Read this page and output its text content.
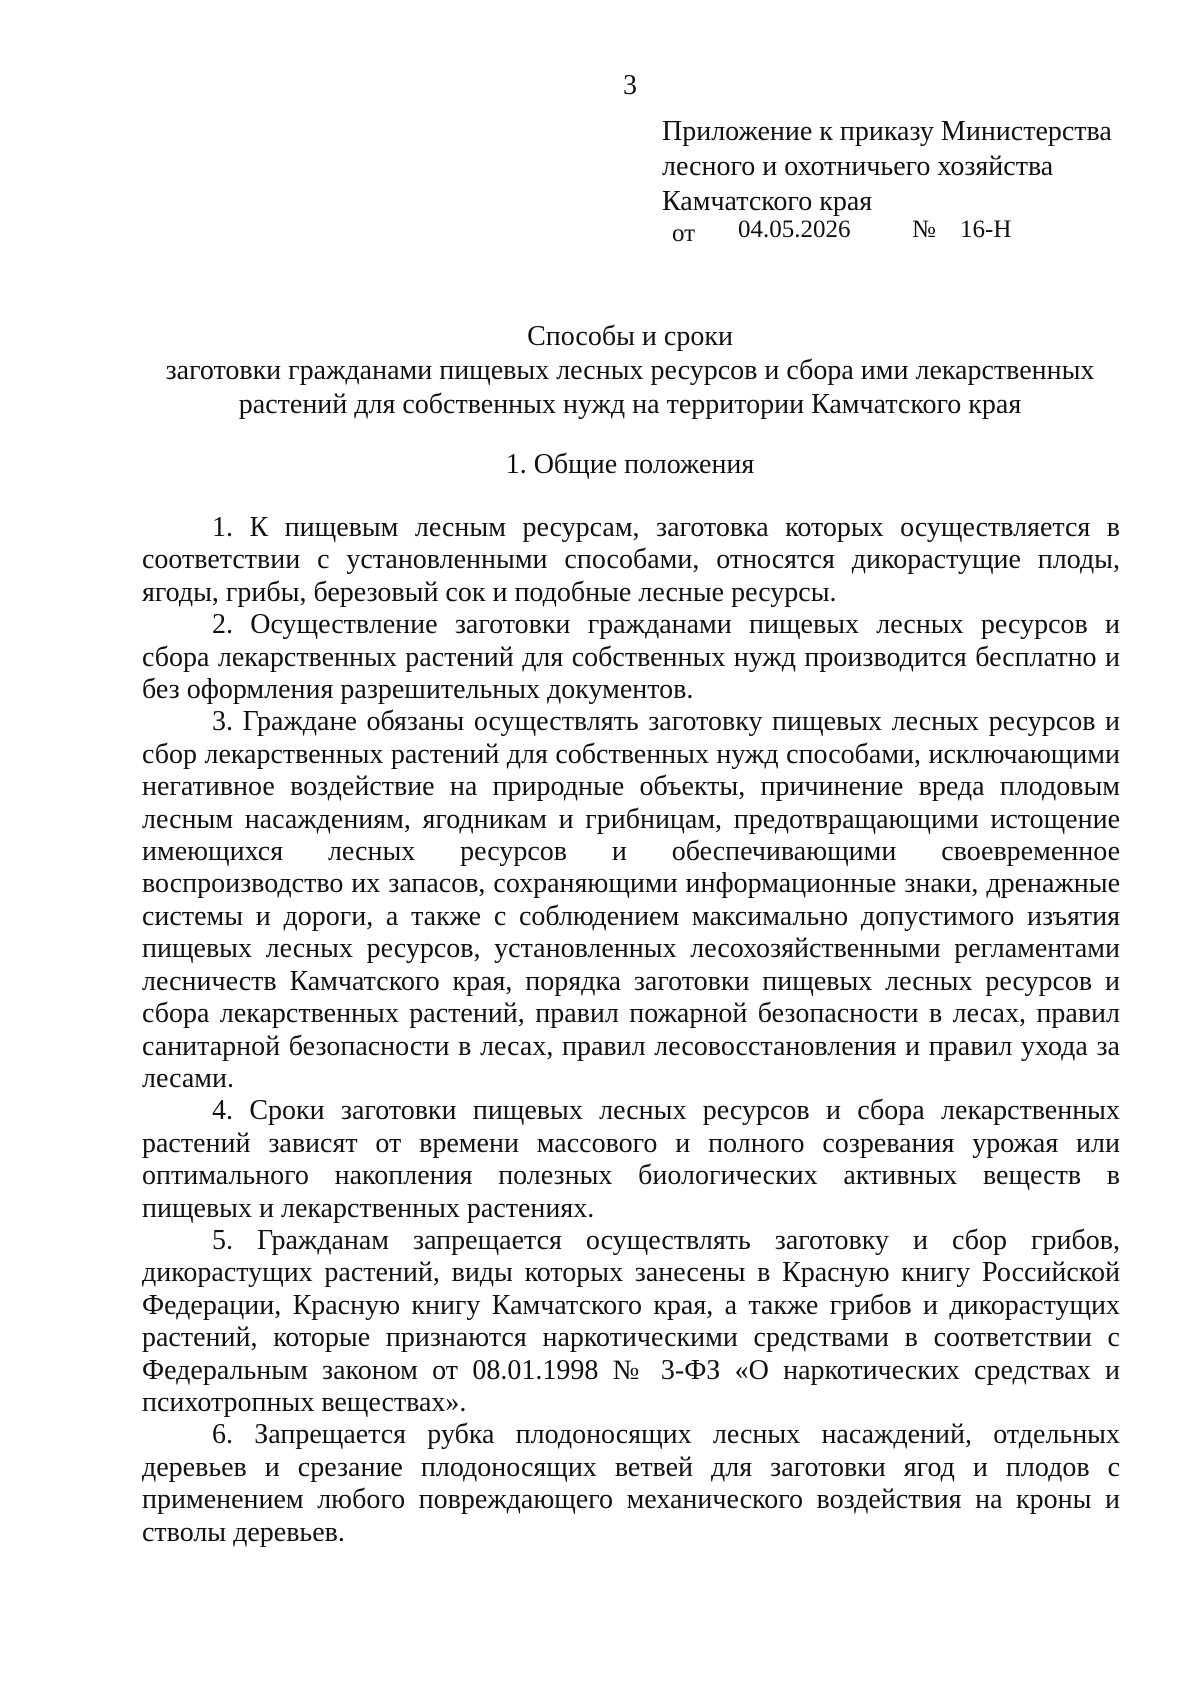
3
Приложение к приказу Министерства
лесного и охотничьего хозяйства
Камчатского края
от 04.05.2026 № 16-Н
Способы и сроки
заготовки гражданами пищевых лесных ресурсов и сбора ими лекарственных
растений для собственных нужд на территории Камчатского края
1. Общие положения

1. К пищевым лесным ресурсам, заготовка которых осуществляется в соответствии с установленными способами, относятся дикорастущие плоды, ягоды, грибы, березовый сок и подобные лесные ресурсы.

2. Осуществление заготовки гражданами пищевых лесных ресурсов и сбора лекарственных растений для собственных нужд производится бесплатно и без оформления разрешительных документов.

3. Граждане обязаны осуществлять заготовку пищевых лесных ресурсов и сбор лекарственных растений для собственных нужд способами, исключающими негативное воздействие на природные объекты, причинение вреда плодовым лесным насаждениям, ягодникам и грибницам, предотвращающими истощение имеющихся лесных ресурсов и обеспечивающими своевременное воспроизводство их запасов, сохраняющими информационные знаки, дренажные системы и дороги, а также с соблюдением максимально допустимого изъятия пищевых лесных ресурсов, установленных лесохозяйственными регламентами лесничеств Камчатского края, порядка заготовки пищевых лесных ресурсов и сбора лекарственных растений, правил пожарной безопасности в лесах, правил санитарной безопасности в лесах, правил лесовосстановления и правил ухода за лесами.

4. Сроки заготовки пищевых лесных ресурсов и сбора лекарственных растений зависят от времени массового и полного созревания урожая или оптимального накопления полезных биологических активных веществ в пищевых и лекарственных растениях.

5. Гражданам запрещается осуществлять заготовку и сбор грибов, дикорастущих растений, виды которых занесены в Красную книгу Российской Федерации, Красную книгу Камчатского края, а также грибов и дикорастущих растений, которые признаются наркотическими средствами в соответствии с Федеральным законом от 08.01.1998 № 3-ФЗ «О наркотических средствах и психотропных веществах».

6. Запрещается рубка плодоносящих лесных насаждений, отдельных деревьев и срезание плодоносящих ветвей для заготовки ягод и плодов с применением любого повреждающего механического воздействия на кроны и стволы деревьев.
